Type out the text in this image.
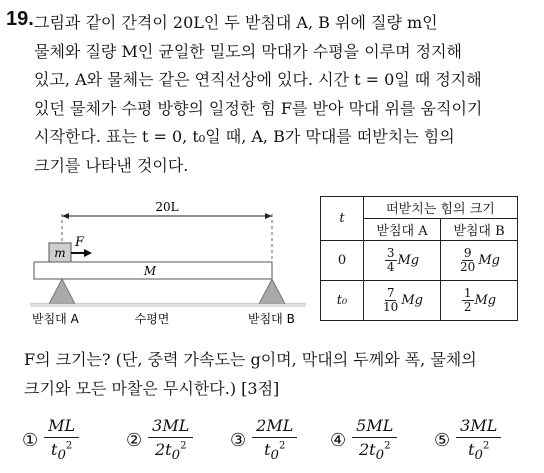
19. 그림과 같이 간격이 20L인 두 받침대 A, B 위에 질량 m인
물체와 질량 M인 균일한 밀도의 막대가 수평을 이루며 정지해
있고, A와 물체는 같은 연직선상에 있다. 시간 t = 0일 때 정지해
있던 물체가 수평 방향의 일정한 힘 F를 받아 막대 위를 움직이기
시작한다. 표는 t = 0, t₀일 때, A, B가 막대를 떠받치는 힘의
크기를 나타낸 것이다.
20L
m
F
M
받침대 A	수평면	받침대 B
t	떠받치는 힘의 크기	
	받침대 A	받침대 B
0	$\frac{3}{4}$ Mg	$\frac{9}{20}$ Mg
t₀	$\frac{7}{10}$ Mg	$\frac{1}{2}$ Mg
F의 크기는? (단, 중력 가속도는 g이며, 막대의 두께와 폭, 물체의
크기와 모든 마찰은 무시한다.) [3점]
① $\frac{ML}{t_0^2}$	② $\frac{3ML}{2t_0^2}$ ③ $\frac{2ML}{t_0^2}$ ④ $\frac{5ML}{2t_0^2}$ ⑤ $\frac{3ML}{t_0^2}$
